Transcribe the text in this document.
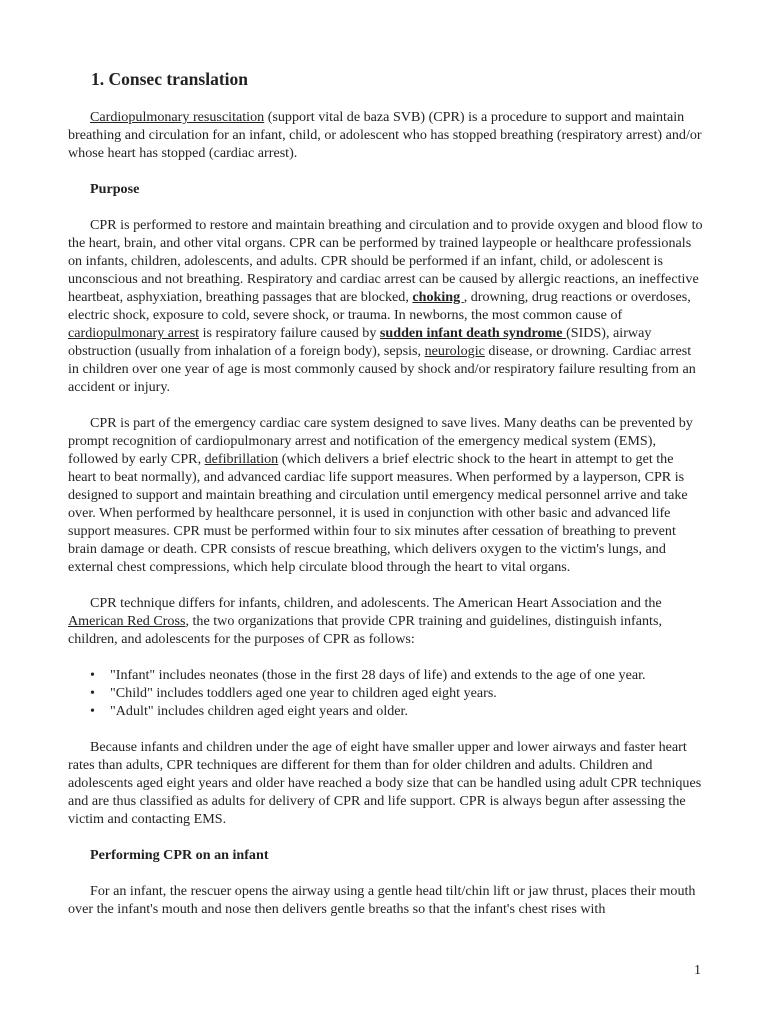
1. Consec translation

Cardiopulmonary resuscitation (support vital de baza SVB) (CPR) is a procedure to support and maintain breathing and circulation for an infant, child, or adolescent who has stopped breathing (respiratory arrest) and/or whose heart has stopped (cardiac arrest).

Purpose

CPR is performed to restore and maintain breathing and circulation and to provide oxygen and blood flow to the heart, brain, and other vital organs. CPR can be performed by trained laypeople or healthcare professionals on infants, children, adolescents, and adults. CPR should be performed if an infant, child, or adolescent is unconscious and not breathing. Respiratory and cardiac arrest can be caused by allergic reactions, an ineffective heartbeat, asphyxiation, breathing passages that are blocked, choking , drowning, drug reactions or overdoses, electric shock, exposure to cold, severe shock, or trauma. In newborns, the most common cause of cardiopulmonary arrest is respiratory failure caused by sudden infant death syndrome (SIDS), airway obstruction (usually from inhalation of a foreign body), sepsis, neurologic disease, or drowning. Cardiac arrest in children over one year of age is most commonly caused by shock and/or respiratory failure resulting from an accident or injury.

CPR is part of the emergency cardiac care system designed to save lives. Many deaths can be prevented by prompt recognition of cardiopulmonary arrest and notification of the emergency medical system (EMS), followed by early CPR, defibrillation (which delivers a brief electric shock to the heart in attempt to get the heart to beat normally), and advanced cardiac life support measures. When performed by a layperson, CPR is designed to support and maintain breathing and circulation until emergency medical personnel arrive and take over. When performed by healthcare personnel, it is used in conjunction with other basic and advanced life support measures. CPR must be performed within four to six minutes after cessation of breathing to prevent brain damage or death. CPR consists of rescue breathing, which delivers oxygen to the victim's lungs, and external chest compressions, which help circulate blood through the heart to vital organs.

CPR technique differs for infants, children, and adolescents. The American Heart Association and the American Red Cross, the two organizations that provide CPR training and guidelines, distinguish infants, children, and adolescents for the purposes of CPR as follows:

• "Infant" includes neonates (those in the first 28 days of life) and extends to the age of one year.
• "Child" includes toddlers aged one year to children aged eight years.
• "Adult" includes children aged eight years and older.

Because infants and children under the age of eight have smaller upper and lower airways and faster heart rates than adults, CPR techniques are different for them than for older children and adults. Children and adolescents aged eight years and older have reached a body size that can be handled using adult CPR techniques and are thus classified as adults for delivery of CPR and life support. CPR is always begun after assessing the victim and contacting EMS.

Performing CPR on an infant

For an infant, the rescuer opens the airway using a gentle head tilt/chin lift or jaw thrust, places their mouth over the infant's mouth and nose then delivers gentle breaths so that the infant's chest rises with

1
